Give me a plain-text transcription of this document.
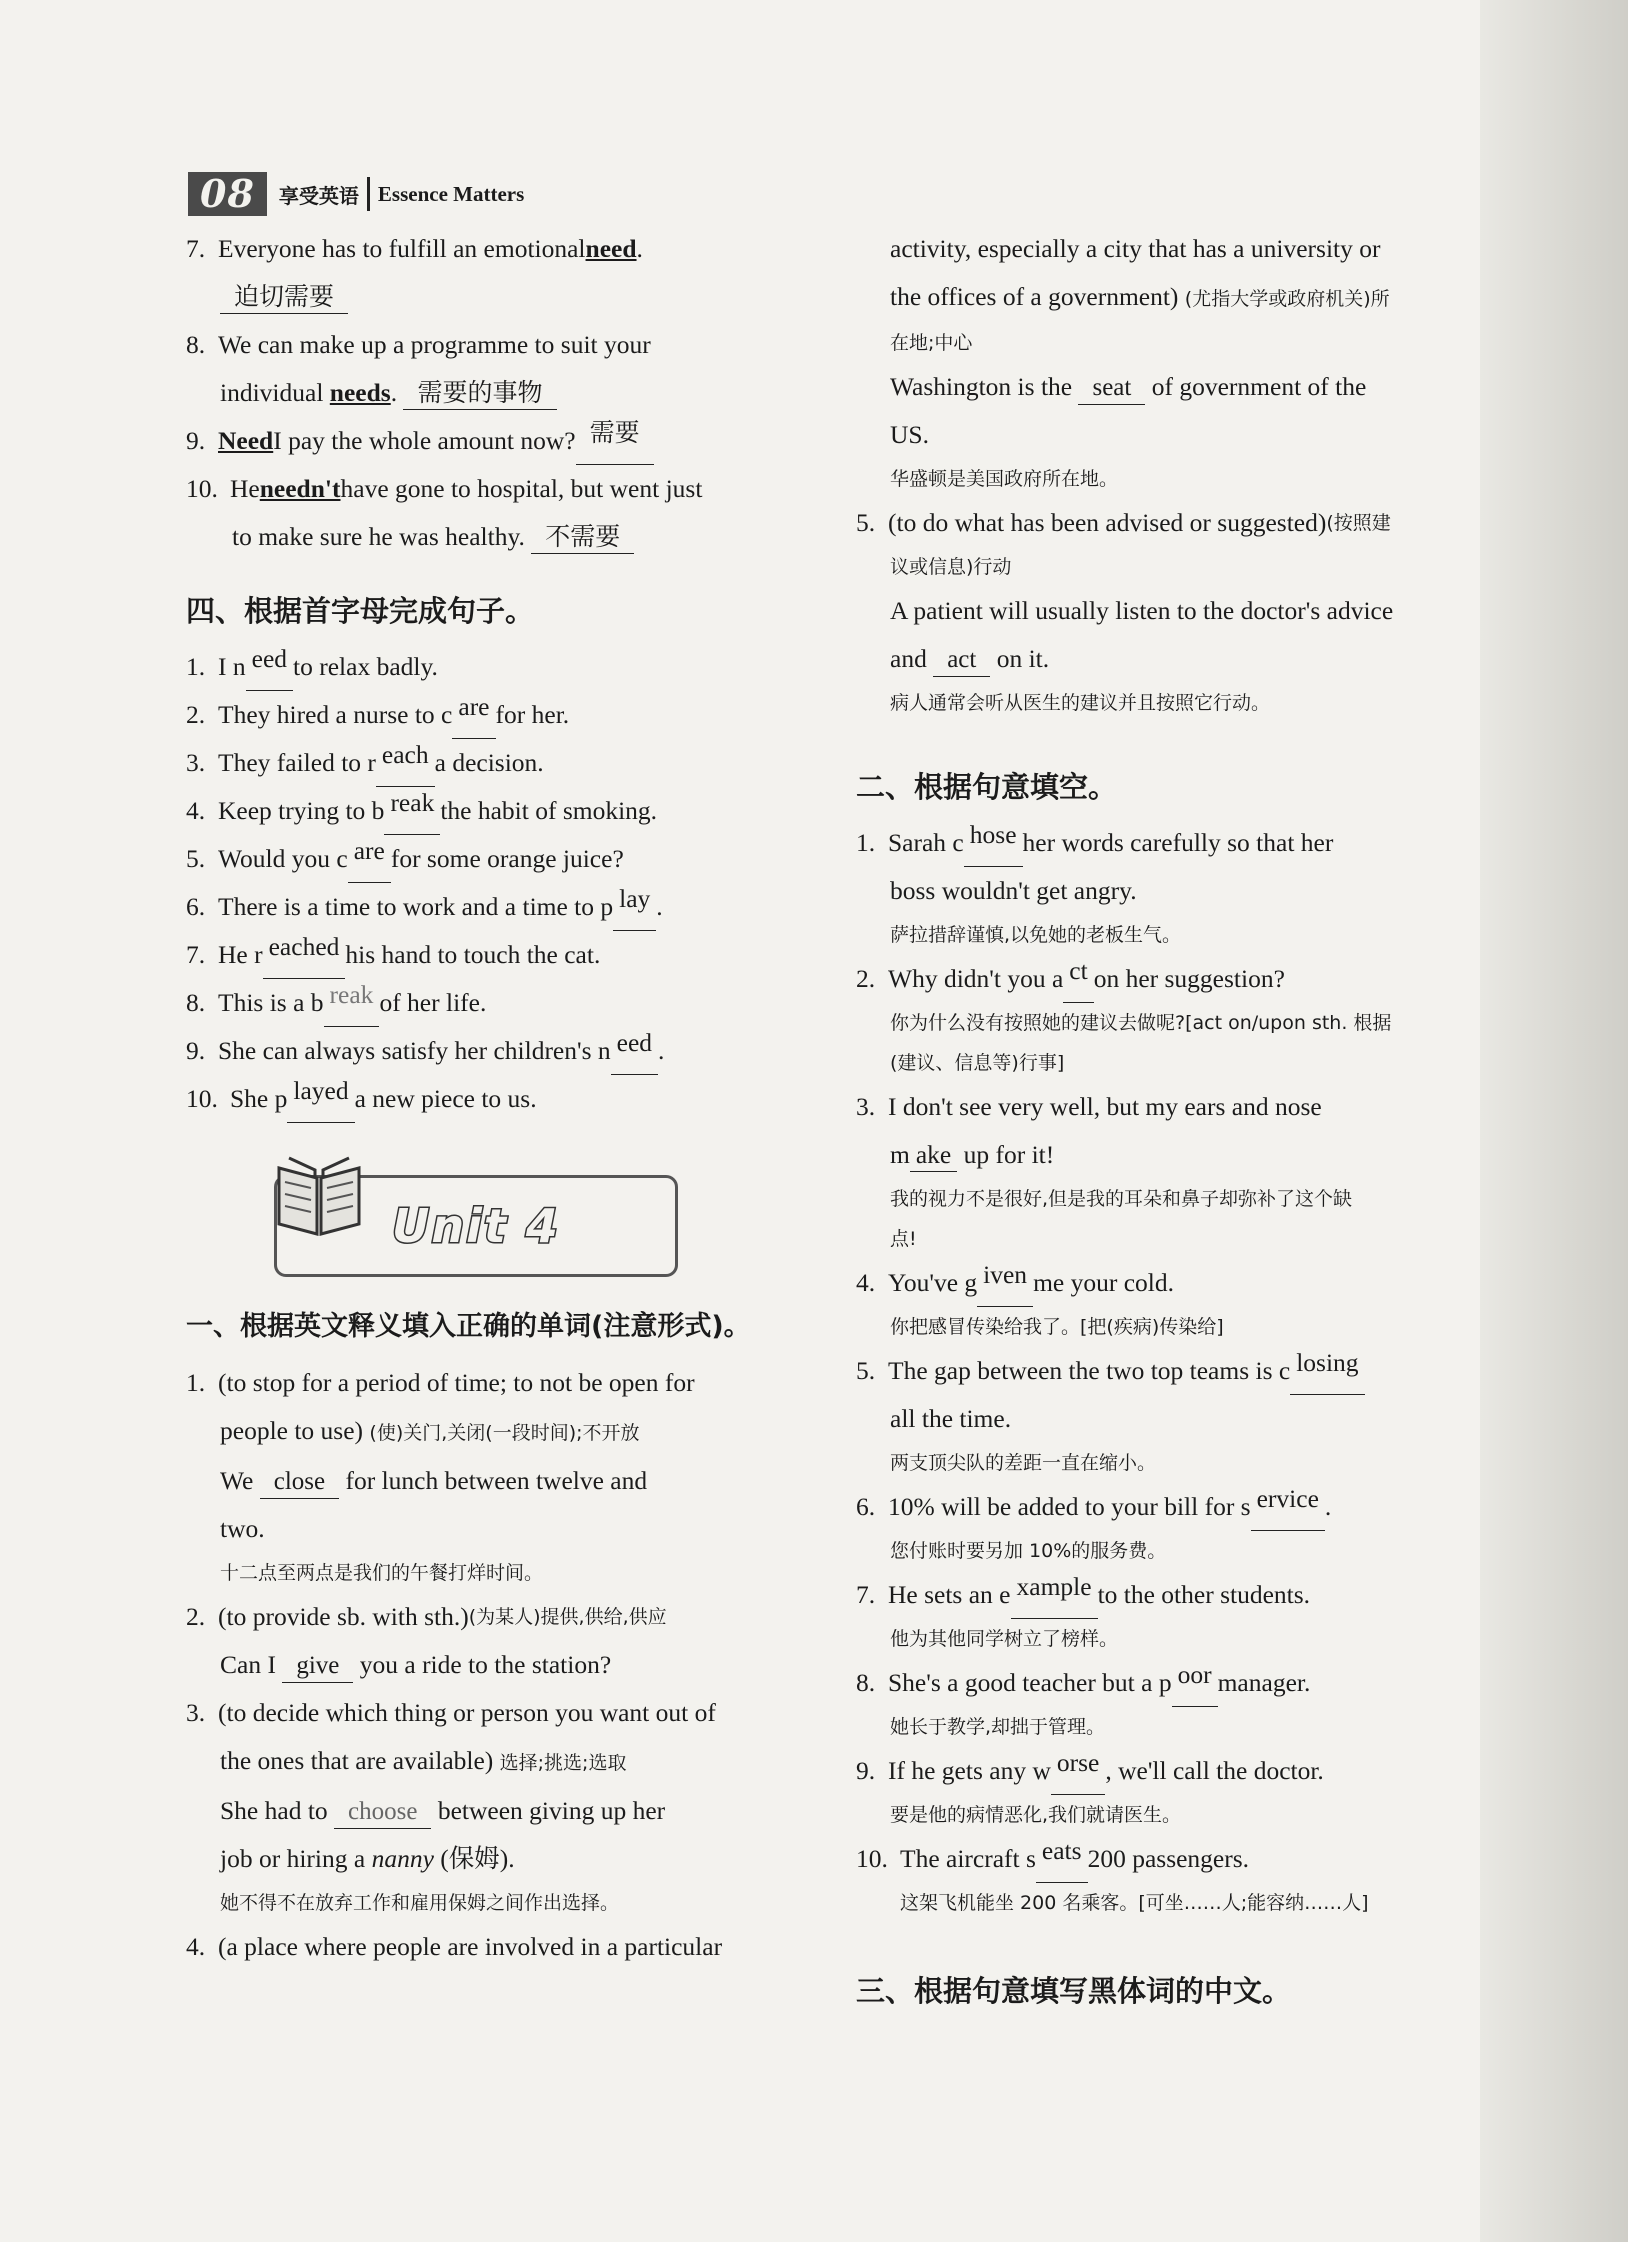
08	享受英语 Essence Matters
7. Everyone has to fulfill an emotional need .
迫切需要
8. We can make up a programme to suit your
individual needs. 需要的事物
9. Need I pay the whole amount now? 需要
10. He needn't have gone to hospital, but went just
to make sure he was healthy. 不需要
四、根据首字母完成句子。
1. I n eed to relax badly.
2. They hired a nurse to c are for her.
3. They failed to r each a decision.
4. Keep trying to b reak the habit of smoking.
5. Would you c are for some orange juice?
6. There is a time to work and a time to p lay .
7. He r eached his hand to touch the cat.
8. This is a b reak of her life.
9. She can always satisfy her children's n eed .
10. She p layed a new piece to us.
Unit 4
一、根据英文释义填入正确的单词(注意形式)。
1. (to stop for a period of time; to not be open for
people to use) (使)关门,关闭(一段时间);不开放
We close for lunch between twelve and
two.
十二点至两点是我们的午餐打烊时间。
2. (to provide sb. with sth.) (为某人)提供,供给,供应
Can I give you a ride to the station?
3. (to decide which thing or person you want out of
the ones that are available) 选择;挑选;选取
She had to choose between giving up her
job or hiring a nanny (保姆).
她不得不在放弃工作和雇用保姆之间作出选择。
4. (a place where people are involved in a particular
activity, especially a city that has a university or
the offices of a government) (尤指大学或政府机关)所
在地;中心
Washington is the seat of government of the
US.
华盛顿是美国政府所在地。
5. (to do what has been advised or suggested) (按照建
议或信息)行动
A patient will usually listen to the doctor's advice
and act on it.
病人通常会听从医生的建议并且按照它行动。
二、根据句意填空。
1. Sarah c hose her words carefully so that her
boss wouldn't get angry.
萨拉措辞谨慎,以免她的老板生气。
2. Why didn't you a ct on her suggestion?
你为什么没有按照她的建议去做呢?[act on/upon sth. 根据
(建议、信息等)行事]
3. I don't see very well, but my ears and nose
m ake up for it!
我的视力不是很好,但是我的耳朵和鼻子却弥补了这个缺
点!
4. You've g iven me your cold.
你把感冒传染给我了。[把(疾病)传染给]
5. The gap between the two top teams is c losing
all the time.
两支顶尖队的差距一直在缩小。
6. 10% will be added to your bill for s ervice .
您付账时要另加 10%的服务费。
7. He sets an e xample to the other students.
他为其他同学树立了榜样。
8. She's a good teacher but a p oor manager.
她长于教学,却拙于管理。
9. If he gets any w orse , we'll call the doctor.
要是他的病情恶化,我们就请医生。
10. The aircraft s eats 200 passengers.
这架飞机能坐 200 名乘客。[可坐……人;能容纳……人]
三、根据句意填写黑体词的中文。
